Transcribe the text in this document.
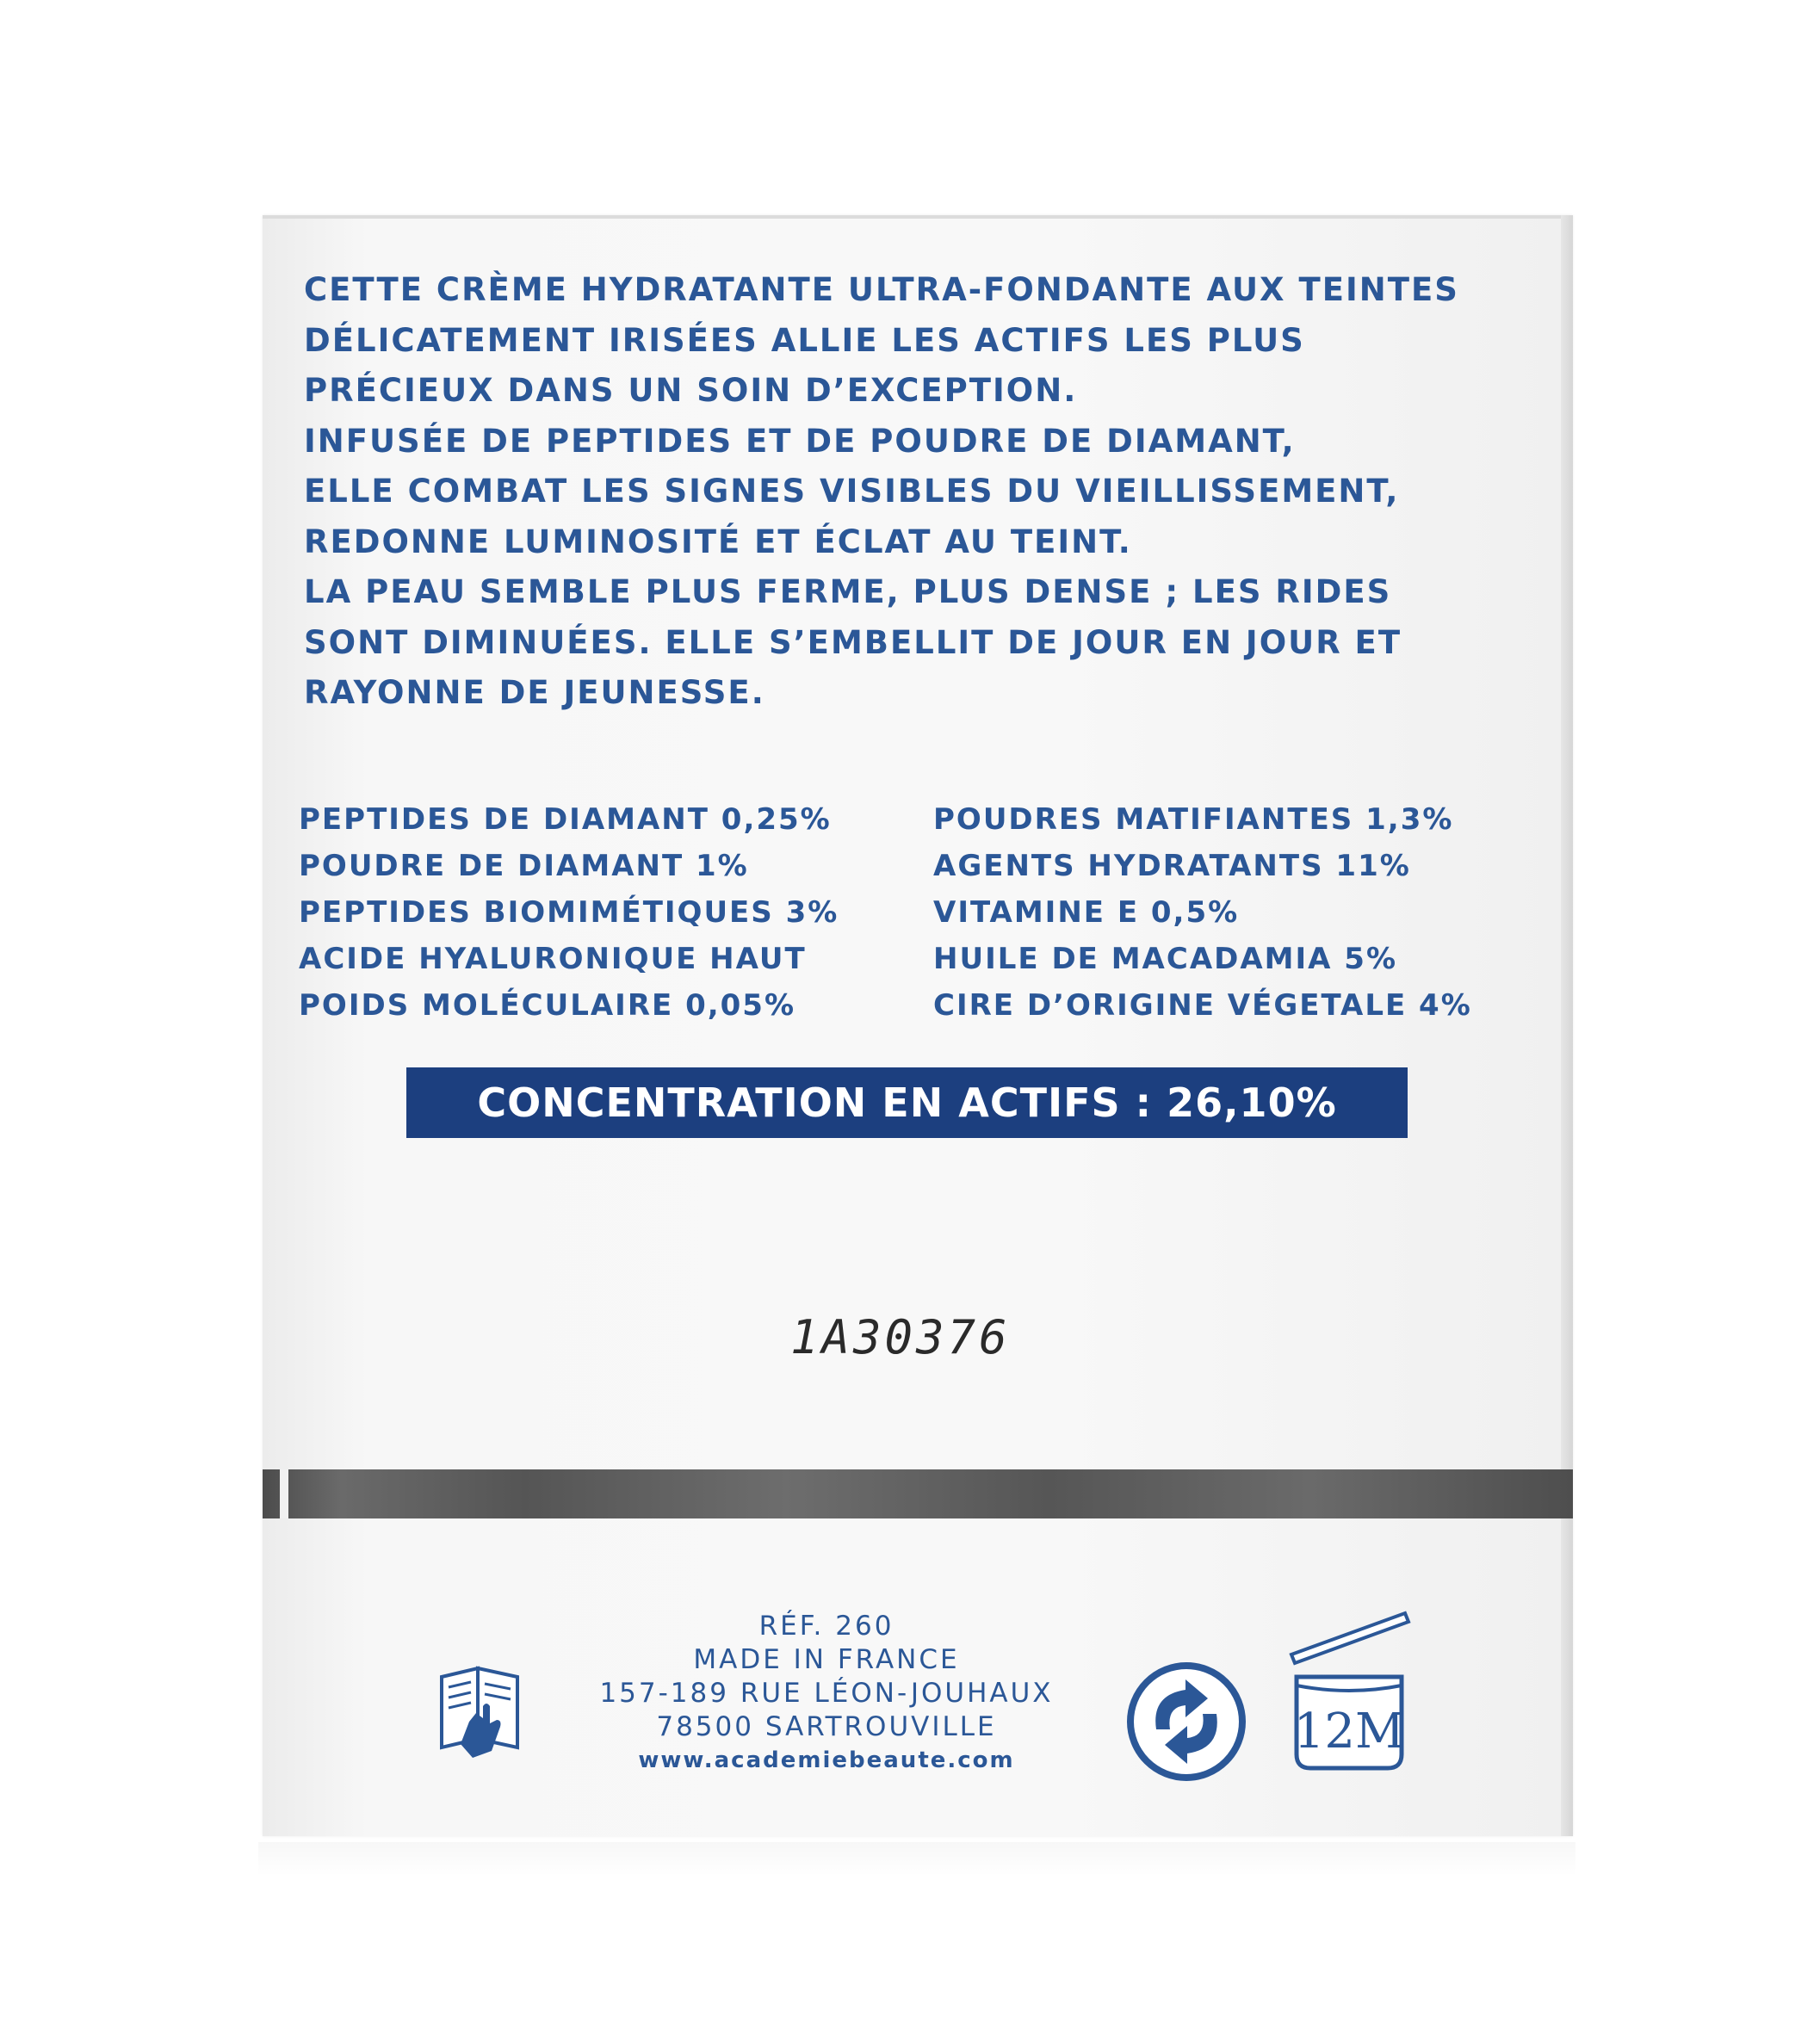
CETTE CRÈME HYDRATANTE ULTRA-FONDANTE AUX TEINTES
DÉLICATEMENT IRISÉES ALLIE LES ACTIFS LES PLUS
PRÉCIEUX DANS UN SOIN D’EXCEPTION.
INFUSÉE DE PEPTIDES ET DE POUDRE DE DIAMANT,
ELLE COMBAT LES SIGNES VISIBLES DU VIEILLISSEMENT,
REDONNE LUMINOSITÉ ET ÉCLAT AU TEINT.
LA PEAU SEMBLE PLUS FERME, PLUS DENSE ; LES RIDES
SONT DIMINUÉES. ELLE S’EMBELLIT DE JOUR EN JOUR ET
RAYONNE DE JEUNESSE.
PEPTIDES DE DIAMANT 0,25%
POUDRE DE DIAMANT 1%
PEPTIDES BIOMIMÉTIQUES 3%
ACIDE HYALURONIQUE HAUT
POIDS MOLÉCULAIRE 0,05%
POUDRES MATIFIANTES 1,3%
AGENTS HYDRATANTS 11%
VITAMINE E 0,5%
HUILE DE MACADAMIA 5%
CIRE D’ORIGINE VÉGETALE 4%
CONCENTRATION EN ACTIFS : 26,10%
1A30376
RÉF. 260
MADE IN FRANCE
157-189 RUE LÉON-JOUHAUX
78500 SARTROUVILLE
www.academiebeaute.com
12M
